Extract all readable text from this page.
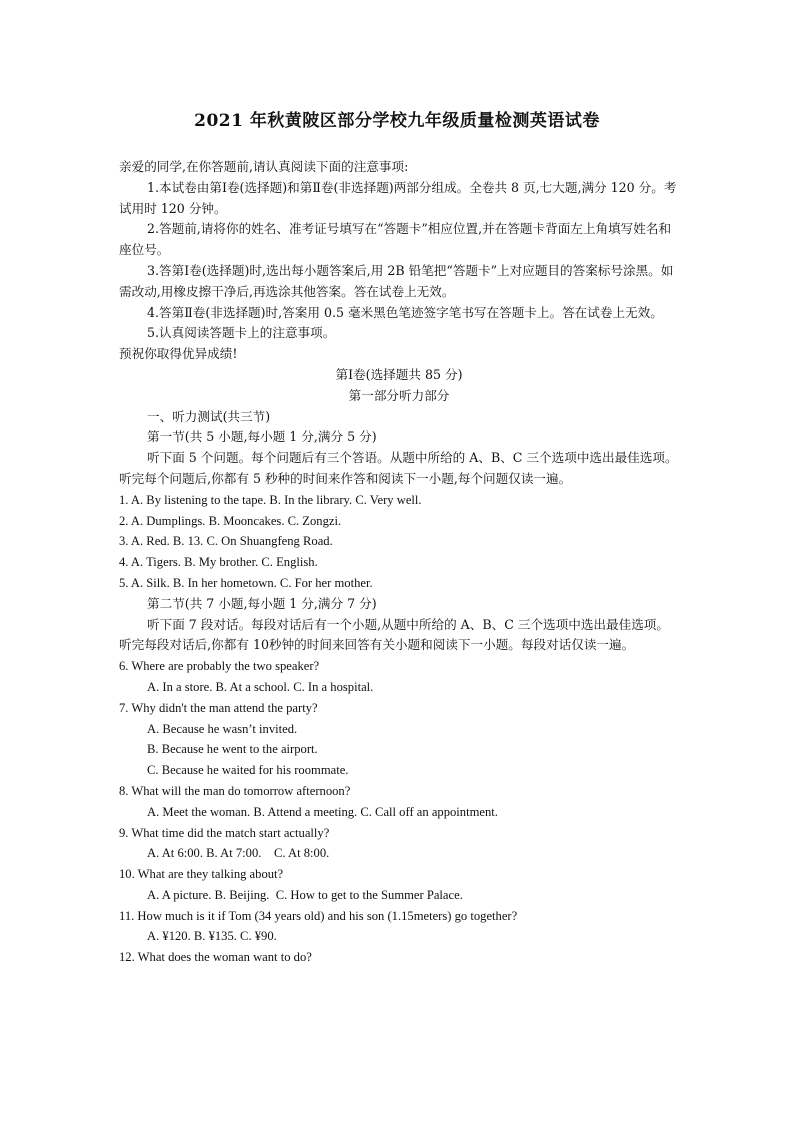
2021 年秋黄陂区部分学校九年级质量检测英语试卷

亲爱的同学,在你答题前,请认真阅读下面的注意事项:

1.本试卷由第Ⅰ卷(选择题)和第Ⅱ卷(非选择题)两部分组成。全卷共 8 页,七大题,满分 120 分。考试用时 120 分钟。

2.答题前,请将你的姓名、准考证号填写在“答题卡”相应位置,并在答题卡背面左上角填写姓名和座位号。

3.答第Ⅰ卷(选择题)时,选出每小题答案后,用 2B 铅笔把“答题卡”上对应题目的答案标号涂黑。如需改动,用橡皮擦干净后,再选涂其他答案。答在试卷上无效。

4.答第Ⅱ卷(非选择题)时,答案用 0.5 毫米黑色笔迹签字笔书写在答题卡上。答在试卷上无效。

5.认真阅读答题卡上的注意事项。

预祝你取得优异成绩!

第Ⅰ卷(选择题共 85 分)

第一部分听力部分

一、听力测试(共三节)

第一节(共 5 小题,每小题 1 分,满分 5 分)

听下面 5 个问题。每个问题后有三个答语。从题中所给的 A、B、C 三个选项中选出最佳选项。听完每个问题后,你都有 5 秒种的时间来作答和阅读下一小题,每个问题仅读一遍。

1. A. By listening to the tape. B. In the library. C. Very well.

2. A. Dumplings. B. Mooncakes. C. Zongzi.

3. A. Red. B. 13. C. On Shuangfeng Road.

4. A. Tigers. B. My brother. C. English.

5. A. Silk. B. In her hometown. C. For her mother.

第二节(共 7 小题,每小题 1 分,满分 7 分)

听下面 7 段对话。每段对话后有一个小题,从题中所给的 A、B、C 三个选项中选出最佳选项。听完每段对话后,你都有 10秒钟的时间来回答有关小题和阅读下一小题。每段对话仅读一遍。

6. Where are probably the two speaker?

A. In a store. B. At a school. C. In a hospital.

7. Why didn't the man attend the party?

A. Because he wasn’t invited.

B. Because he went to the airport.

C. Because he waited for his roommate.

8. What will the man do tomorrow afternoon?

A. Meet the woman. B. Attend a meeting. C. Call off an appointment.

9. What time did the match start actually?

A. At 6:00. B. At 7:00.    C. At 8:00.

10. What are they talking about?

A. A picture. B. Beijing.  C. How to get to the Summer Palace.

11. How much is it if Tom (34 years old) and his son (1.15meters) go together?

A. ¥120. B. ¥135. C. ¥90.

12. What does the woman want to do?
